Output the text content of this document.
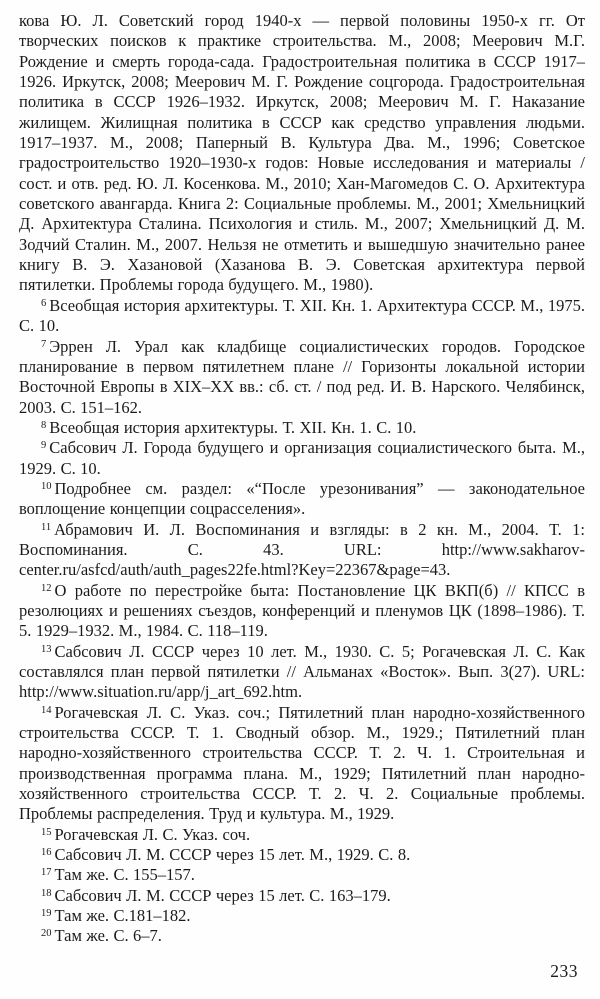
кова Ю. Л. Советский город 1940-х — первой половины 1950-х гг. От творческих поисков к практике строительства. М., 2008; Меерович М.Г. Рождение и смерть города-сада. Градостроительная политика в СССР 1917–1926. Иркутск, 2008; Меерович М. Г. Рождение соцгорода. Градостроительная политика в СССР 1926–1932. Иркутск, 2008; Меерович М. Г. Наказание жилищем. Жилищная политика в СССР как средство управления людьми. 1917–1937. М., 2008; Паперный В. Культура Два. М., 1996; Советское градостроительство 1920–1930-х годов: Новые исследования и материалы / сост. и отв. ред. Ю. Л. Косенкова. М., 2010; Хан-Магомедов С. О. Архитектура советского авангарда. Книга 2: Социальные проблемы. М., 2001; Хмельницкий Д. Архитектура Сталина. Психология и стиль. М., 2007; Хмельницкий Д. М. Зодчий Сталин. М., 2007. Нельзя не отметить и вышедшую значительно ранее книгу В. Э. Хазановой (Хазанова В. Э. Советская архитектура первой пятилетки. Проблемы города будущего. М., 1980).

$^6$ Всеобщая история архитектуры. Т. XII. Кн. 1. Архитектура СССР. М., 1975. С. 10.

$^7$ Эррен Л. Урал как кладбище социалистических городов. Городское планирование в первом пятилетнем плане // Горизонты локальной истории Восточной Европы в XIX–XX вв.: сб. ст. / под ред. И. В. Нарского. Челябинск, 2003. С. 151–162.

$^8$ Всеобщая история архитектуры. Т. XII. Кн. 1. С. 10.

$^9$ Сабсович Л. Города будущего и организация социалистического быта. М., 1929. С. 10.

$^{10}$ Подробнее см. раздел: «“После урезонивания” — законодательное воплощение концепции соцрасселения».

$^{11}$ Абрамович И. Л. Воспоминания и взгляды: в 2 кн. М., 2004. Т. 1: Воспоминания. С. 43. URL: http://www.sakharov-center.ru/asfcd/auth/auth_pages22fe.html?Key=22367&page=43.

$^{12}$ О работе по перестройке быта: Постановление ЦК ВКП(б) // КПСС в резолюциях и решениях съездов, конференций и пленумов ЦК (1898–1986). Т. 5. 1929–1932. М., 1984. С. 118–119.

$^{13}$ Сабсович Л. СССР через 10 лет. М., 1930. С. 5; Рогачевская Л. С. Как составлялся план первой пятилетки // Альманах «Восток». Вып. 3(27). URL: http://www.situation.ru/app/j_art_692.htm.

$^{14}$ Рогачевская Л. С. Указ. соч.; Пятилетний план народно-хозяйственного строительства СССР. Т. 1. Сводный обзор. М., 1929.; Пятилетний план народно-хозяйственного строительства СССР. Т. 2. Ч. 1. Строительная и производственная программа плана. М., 1929; Пятилетний план народно-хозяйственного строительства СССР. Т. 2. Ч. 2. Социальные проблемы. Проблемы распределения. Труд и культура. М., 1929.

$^{15}$ Рогачевская Л. С. Указ. соч.

$^{16}$ Сабсович Л. М. СССР через 15 лет. М., 1929. С. 8.

$^{17}$ Там же. С. 155–157.

$^{18}$ Сабсович Л. М. СССР через 15 лет. С. 163–179.

$^{19}$ Там же. С.181–182.

$^{20}$ Там же. С. 6–7.

233
